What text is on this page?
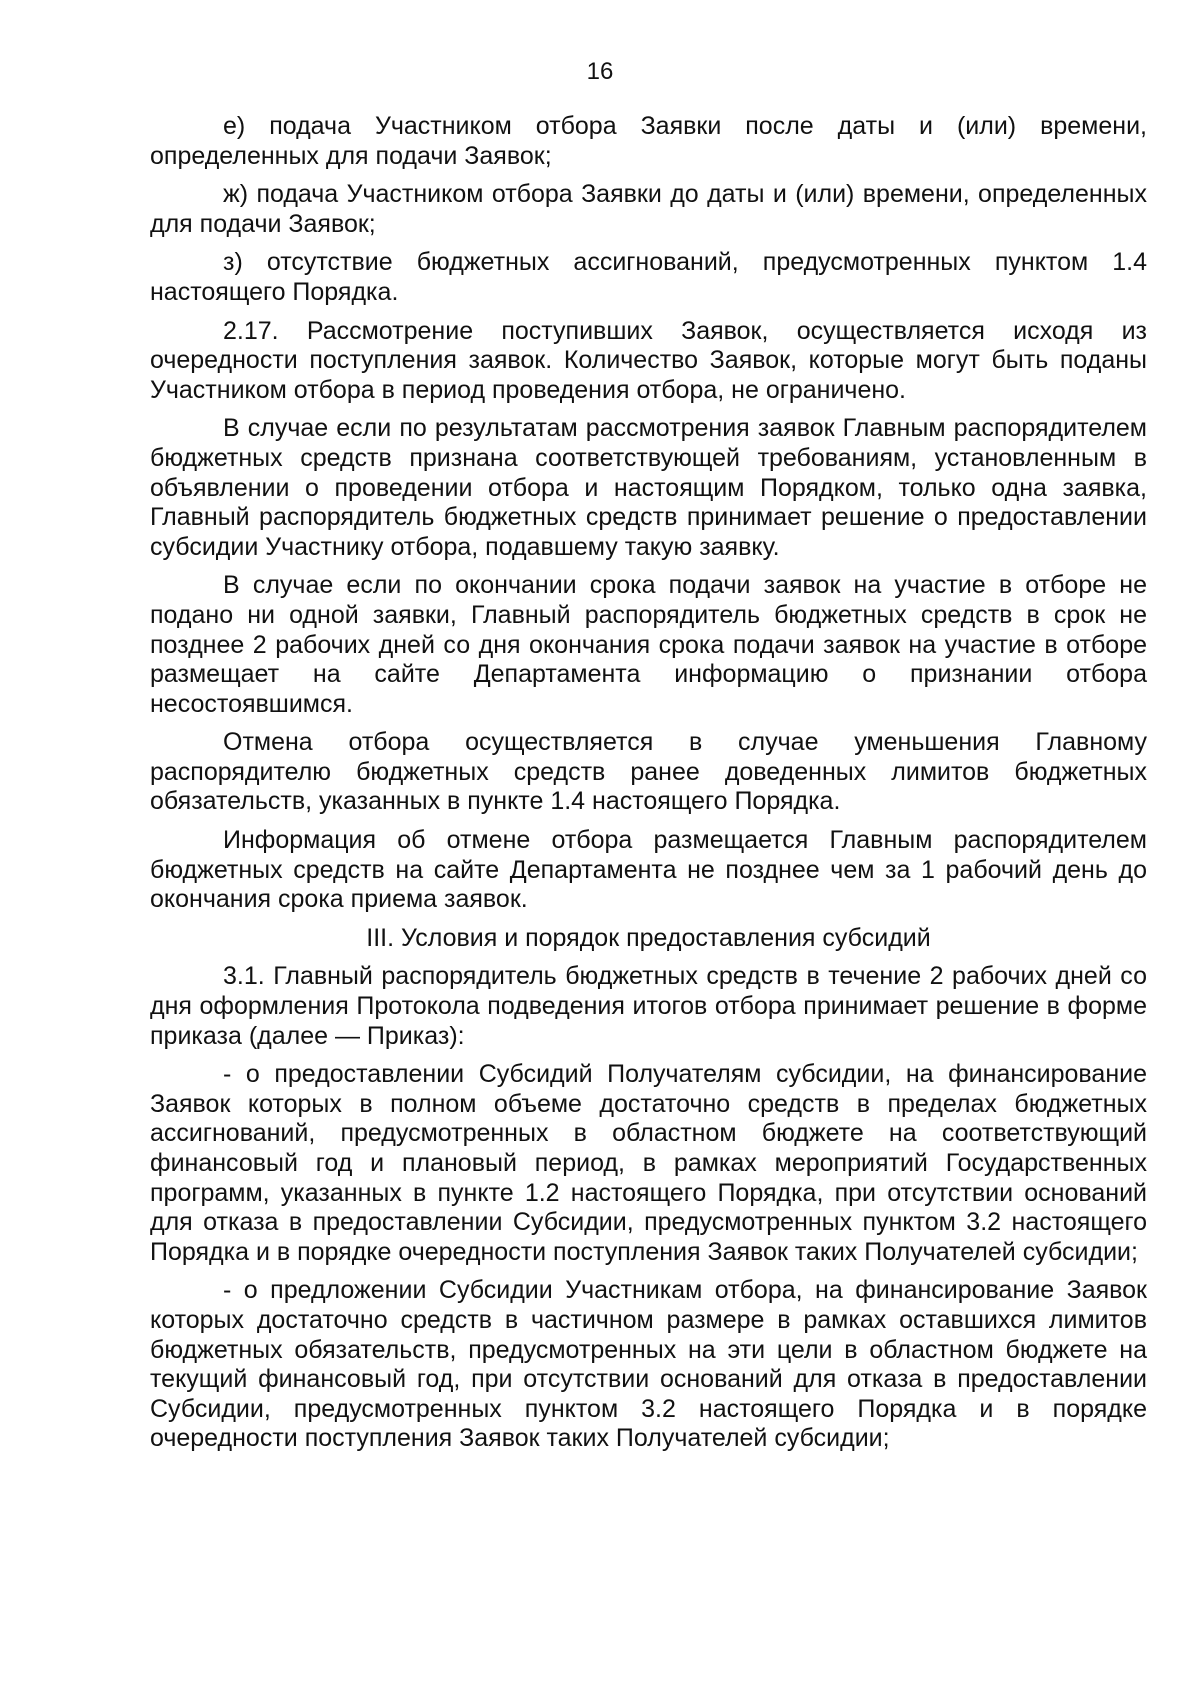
16

е) подача Участником отбора Заявки после даты и (или) времени, определенных для подачи Заявок;

ж) подача Участником отбора Заявки до даты и (или) времени, определенных для подачи Заявок;

з) отсутствие бюджетных ассигнований, предусмотренных пунктом 1.4 настоящего Порядка.

2.17. Рассмотрение поступивших Заявок, осуществляется исходя из очередности поступления заявок. Количество Заявок, которые могут быть поданы Участником отбора в период проведения отбора, не ограничено.

В случае если по результатам рассмотрения заявок Главным распорядителем бюджетных средств признана соответствующей требованиям, установленным в объявлении о проведении отбора и настоящим Порядком, только одна заявка, Главный распорядитель бюджетных средств принимает решение о предоставлении субсидии Участнику отбора, подавшему такую заявку.

В случае если по окончании срока подачи заявок на участие в отборе не подано ни одной заявки, Главный распорядитель бюджетных средств в срок не позднее 2 рабочих дней со дня окончания срока подачи заявок на участие в отборе размещает на сайте Департамента информацию о признании отбора несостоявшимся.

Отмена отбора осуществляется в случае уменьшения Главному распорядителю бюджетных средств ранее доведенных лимитов бюджетных обязательств, указанных в пункте 1.4 настоящего Порядка.

Информация об отмене отбора размещается Главным распорядителем бюджетных средств на сайте Департамента не позднее чем за 1 рабочий день до окончания срока приема заявок.

III. Условия и порядок предоставления субсидий

3.1. Главный распорядитель бюджетных средств в течение 2 рабочих дней со дня оформления Протокола подведения итогов отбора принимает решение в форме приказа (далее — Приказ):

- о предоставлении Субсидий Получателям субсидии, на финансирование Заявок которых в полном объеме достаточно средств в пределах бюджетных ассигнований, предусмотренных в областном бюджете на соответствующий финансовый год и плановый период, в рамках мероприятий Государственных программ, указанных в пункте 1.2 настоящего Порядка, при отсутствии оснований для отказа в предоставлении Субсидии, предусмотренных пунктом 3.2 настоящего Порядка и в порядке очередности поступления Заявок таких Получателей субсидии;

- о предложении Субсидии Участникам отбора, на финансирование Заявок которых достаточно средств в частичном размере в рамках оставшихся лимитов бюджетных обязательств, предусмотренных на эти цели в областном бюджете на текущий финансовый год, при отсутствии оснований для отказа в предоставлении Субсидии, предусмотренных пунктом 3.2 настоящего Порядка и в порядке очередности поступления Заявок таких Получателей субсидии;
